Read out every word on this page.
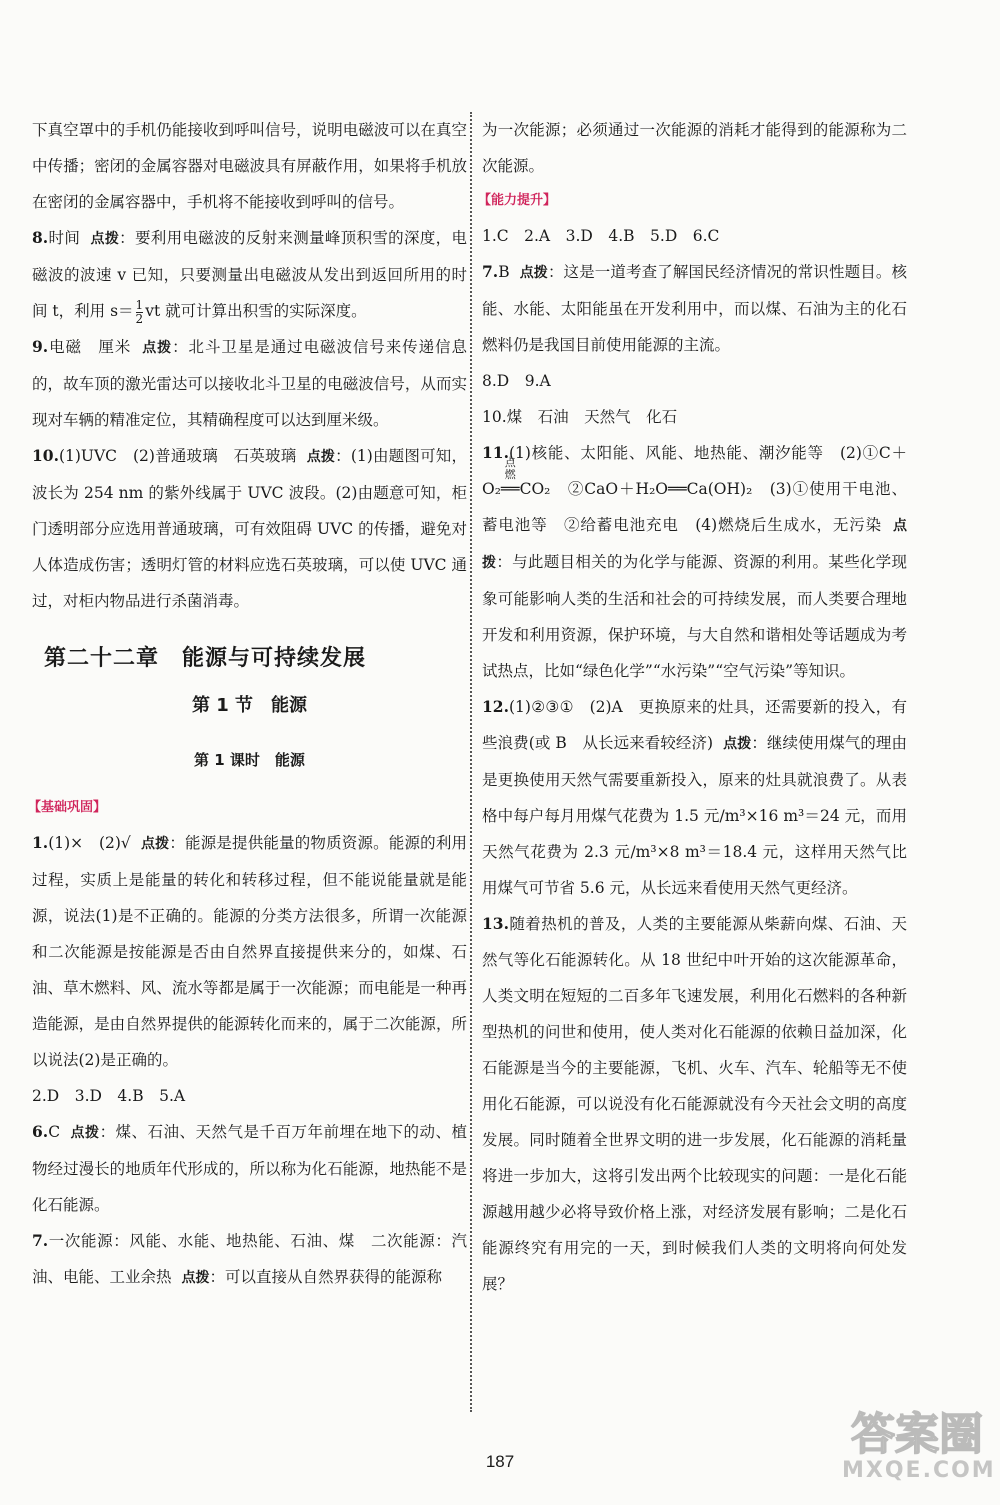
下真空罩中的手机仍能接收到呼叫信号，说明电磁波可以在真空中传播；密闭的金属容器对电磁波具有屏蔽作用，如果将手机放在密闭的金属容器中，手机将不能接收到呼叫的信号。
8.时间 点拨：要利用电磁波的反射来测量峰顶积雪的深度，电磁波的波速 v 已知，只要测量出电磁波从发出到返回所用的时间 t，利用 $s= \frac{1}{2}$ vt 就可计算出积雪的实际深度。
9.电磁　厘米 点拨：北斗卫星是通过电磁波信号来传递信息的，故车顶的激光雷达可以接收北斗卫星的电磁波信号，从而实现对车辆的精准定位，其精确程度可以达到厘米级。
10.(1)UVC　(2)普通玻璃　石英玻璃 点拨：(1)由题图可知，波长为 254 nm 的紫外线属于 UVC 波段。(2)由题意可知，柜门透明部分应选用普通玻璃，可有效阻碍 UVC 的传播，避免对人体造成伤害；透明灯管的材料应选石英玻璃，可以使 UVC 通过，对柜内物品进行杀菌消毒。
第二十二章　能源与可持续发展
第 1 节　能源
第 1 课时　能源
【基础巩固】
1.(1)×　(2)√ 点拨：能源是提供能量的物质资源。能源的利用过程，实质上是能量的转化和转移过程，但不能说能量就是能源，说法(1)是不正确的。能源的分类方法很多，所谓一次能源和二次能源是按能源是否由自然界直接提供来分的，如煤、石油、草木燃料、风、流水等都是属于一次能源；而电能是一种再造能源，是由自然界提供的能源转化而来的，属于二次能源，所以说法(2)是正确的。
2.D　3.D　4.B　5.A
6.C 点拨：煤、石油、天然气是千百万年前埋在地下的动、植物经过漫长的地质年代形成的，所以称为化石能源，地热能不是化石能源。
7.一次能源：风能、水能、地热能、石油、煤　二次能源：汽油、电能、工业余热 点拨：可以直接从自然界获得的能源称
为一次能源；必须通过一次能源的消耗才能得到的能源称为二次能源。
【能力提升】
1.C　2.A　3.D　4.B　5.D　6.C
7.B 点拨：这是一道考查了解国民经济情况的常识性题目。核能、水能、太阳能虽在开发利用中，而以煤、石油为主的化石燃料仍是我国目前使用能源的主流。
8.D　9.A
10.煤　石油　天然气　化石
11.(1)核能、太阳能、风能、地热能、潮汐能等　(2)①C＋O₂
点燃
══CO₂　②CaO＋H₂O══Ca(OH)₂　(3)①使用干电池、蓄电池等　②给蓄电池充电　(4)燃烧后生成水，无污染 点拨：与此题目相关的为化学与能源、资源的利用。某些化学现象可能影响人类的生活和社会的可持续发展，而人类要合理地开发和利用资源，保护环境，与大自然和谐相处等话题成为考试热点，比如“绿色化学”“水污染”“空气污染”等知识。
12.(1)②③①　(2)A　更换原来的灶具，还需要新的投入，有些浪费(或 B　从长远来看较经济) 点拨：继续使用煤气的理由是更换使用天然气需要重新投入，原来的灶具就浪费了。从表格中每户每月用煤气花费为 1.5 元/m³×16 m³＝24 元，而用天然气花费为 2.3 元/m³×8 m³＝18.4 元，这样用天然气比用煤气可节省 5.6 元，从长远来看使用天然气更经济。
13.随着热机的普及，人类的主要能源从柴薪向煤、石油、天然气等化石能源转化。从 18 世纪中叶开始的这次能源革命，人类文明在短短的二百多年飞速发展，利用化石燃料的各种新型热机的问世和使用，使人类对化石能源的依赖日益加深，化石能源是当今的主要能源，飞机、火车、汽车、轮船等无不使用化石能源，可以说没有化石能源就没有今天社会文明的高度发展。同时随着全世界文明的进一步发展，化石能源的消耗量将进一步加大，这将引发出两个比较现实的问题：一是化石能源越用越少必将导致价格上涨，对经济发展有影响；二是化石能源终究有用完的一天，到时候我们人类的文明将向何处发展？
187
答案圈
MXQE.COM
